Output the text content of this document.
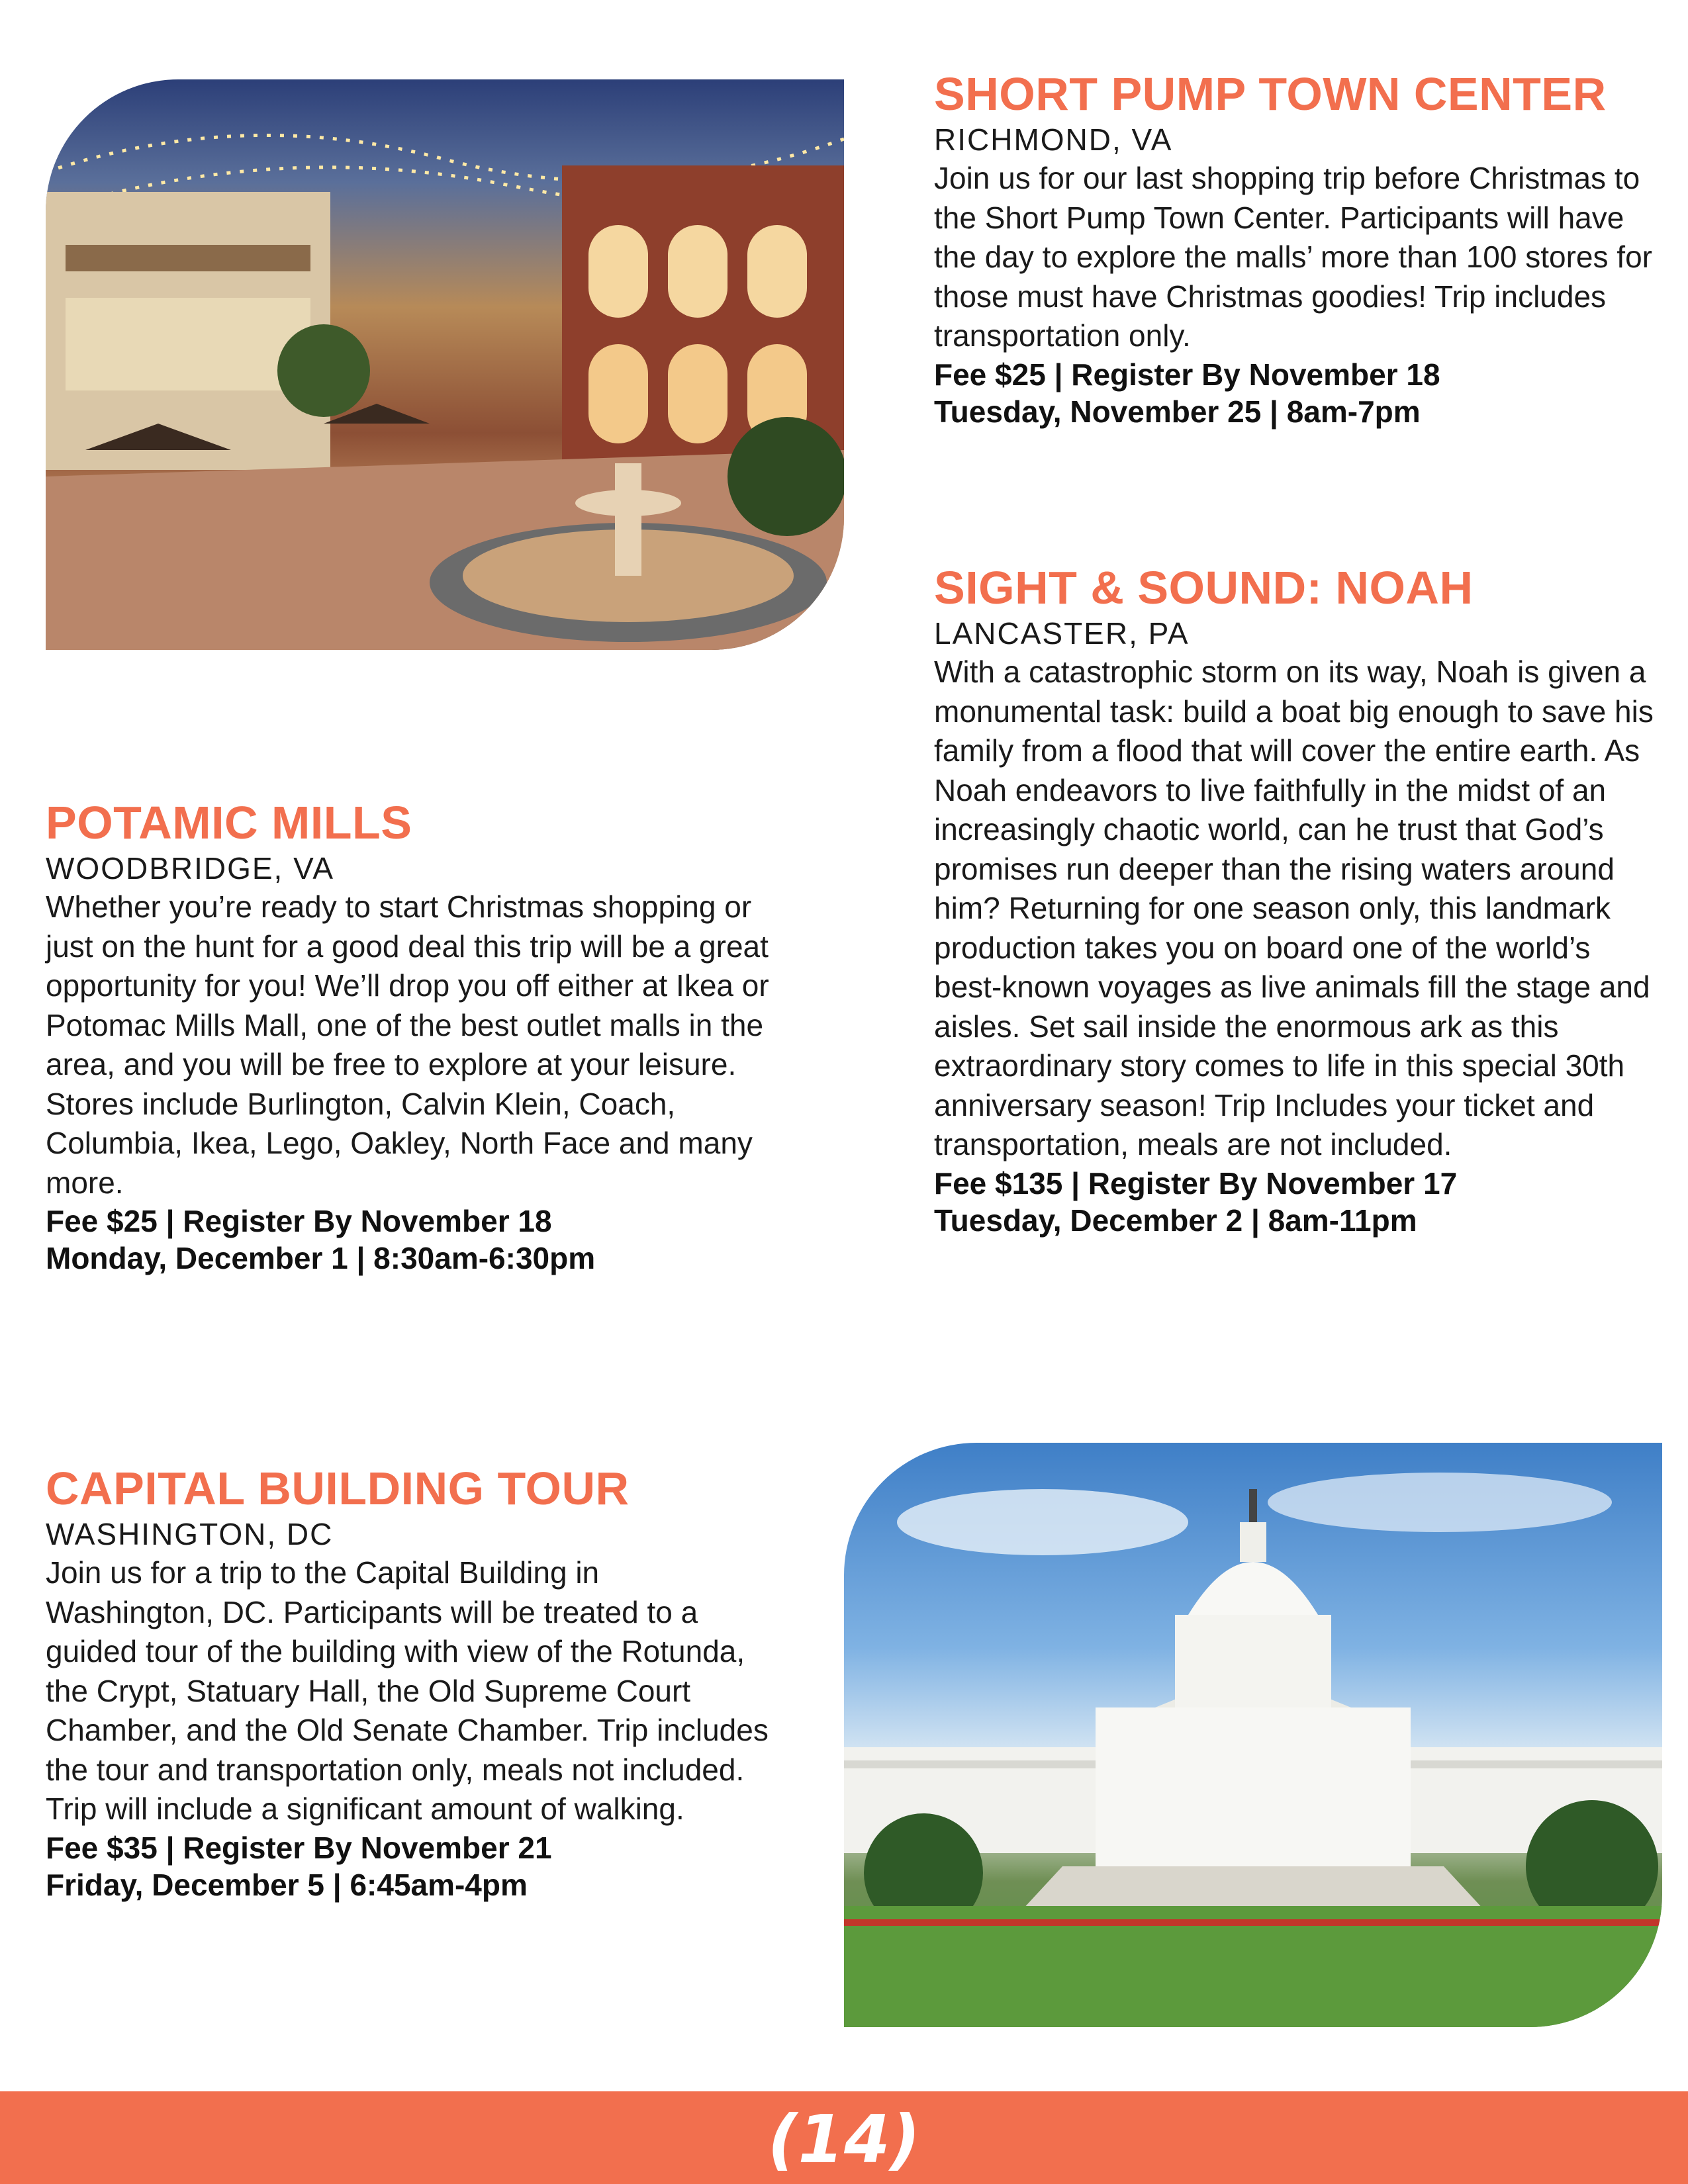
SHORT PUMP TOWN CENTER
RICHMOND, VA
Join us for our last shopping trip before Christmas to the Short Pump Town Center. Participants will have the day to explore the malls’ more than 100 stores for those must have Christmas goodies! Trip includes transportation only.
Fee $25 | Register By November 18
Tuesday, November 25 | 8am-7pm
SIGHT & SOUND: NOAH
LANCASTER, PA
With a catastrophic storm on its way, Noah is given a monumental task: build a boat big enough to save his family from a flood that will cover the entire earth. As Noah endeavors to live faithfully in the midst of an increasingly chaotic world, can he trust that God’s promises run deeper than the rising waters around him? Returning for one season only, this landmark production takes you on board one of the world’s best-known voyages as live animals fill the stage and aisles. Set sail inside the enormous ark as this extraordinary story comes to life in this special 30th anniversary season! Trip Includes your ticket and transportation, meals are not included.
Fee $135 | Register By November 17
Tuesday, December 2 | 8am-11pm
POTAMIC MILLS
WOODBRIDGE, VA
Whether you’re ready to start Christmas shopping or just on the hunt for a good deal this trip will be a great opportunity for you! We’ll drop you off either at Ikea or Potomac Mills Mall, one of the best outlet malls in the area, and you will be free to explore at your leisure. Stores include Burlington, Calvin Klein, Coach, Columbia, Ikea, Lego, Oakley, North Face and many more.
Fee $25 | Register By November 18
Monday, December 1 | 8:30am-6:30pm
CAPITAL BUILDING TOUR
WASHINGTON, DC
Join us for a trip to the Capital Building in Washington, DC. Participants will be treated to a guided tour of the building with view of the Rotunda, the Crypt, Statuary Hall, the Old Supreme Court Chamber, and the Old Senate Chamber. Trip includes the tour and transportation only, meals not included. Trip will include a significant amount of walking.
Fee $35 | Register By November 21
Friday, December 5 | 6:45am-4pm
( 14 )
